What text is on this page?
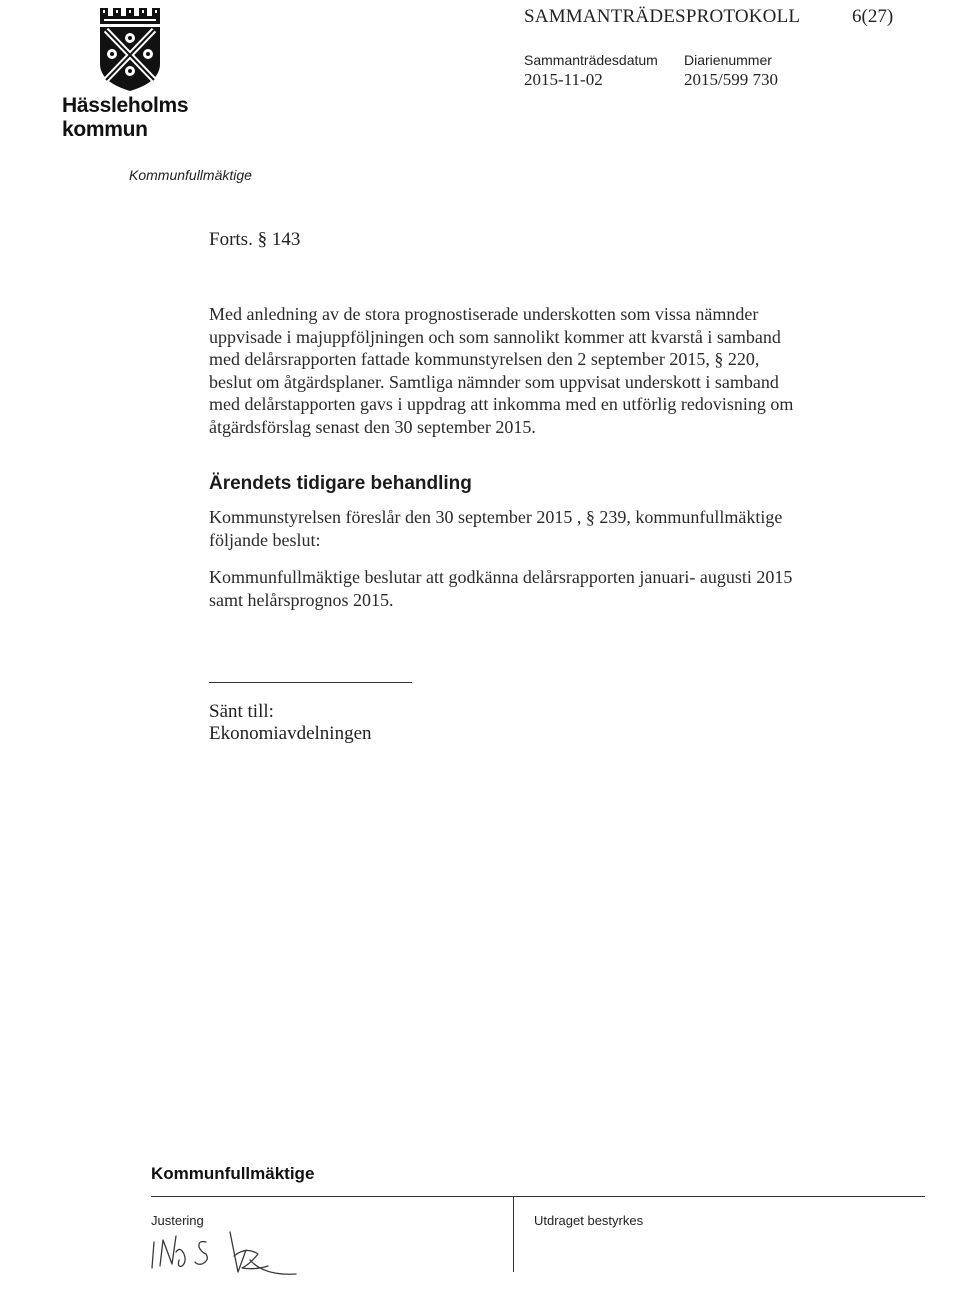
Hässleholms
kommun
SAMMANTRÄDESPROTOKOLL	6(27)
Sammanträdesdatum
2015-11-02
Diarienummer
2015/599 730
Kommunfullmäktige
Forts. § 143
Med anledning av de stora prognostiserade underskotten som vissa nämnder
uppvisade i majuppföljningen och som sannolikt kommer att kvarstå i samband
med delårsrapporten fattade kommunstyrelsen den 2 september 2015, § 220,
beslut om åtgärdsplaner. Samtliga nämnder som uppvisat underskott i samband
med delårstapporten gavs i uppdrag att inkomma med en utförlig redovisning om
åtgärdsförslag senast den 30 september 2015.
Ärendets tidigare behandling
Kommunstyrelsen föreslår den 30 september 2015 , § 239, kommunfullmäktige
följande beslut:
Kommunfullmäktige beslutar att godkänna delårsrapporten januari- augusti 2015
samt helårsprognos 2015.
Sänt till:
Ekonomiavdelningen
Kommunfullmäktige
Justering	Utdraget bestyrkes
